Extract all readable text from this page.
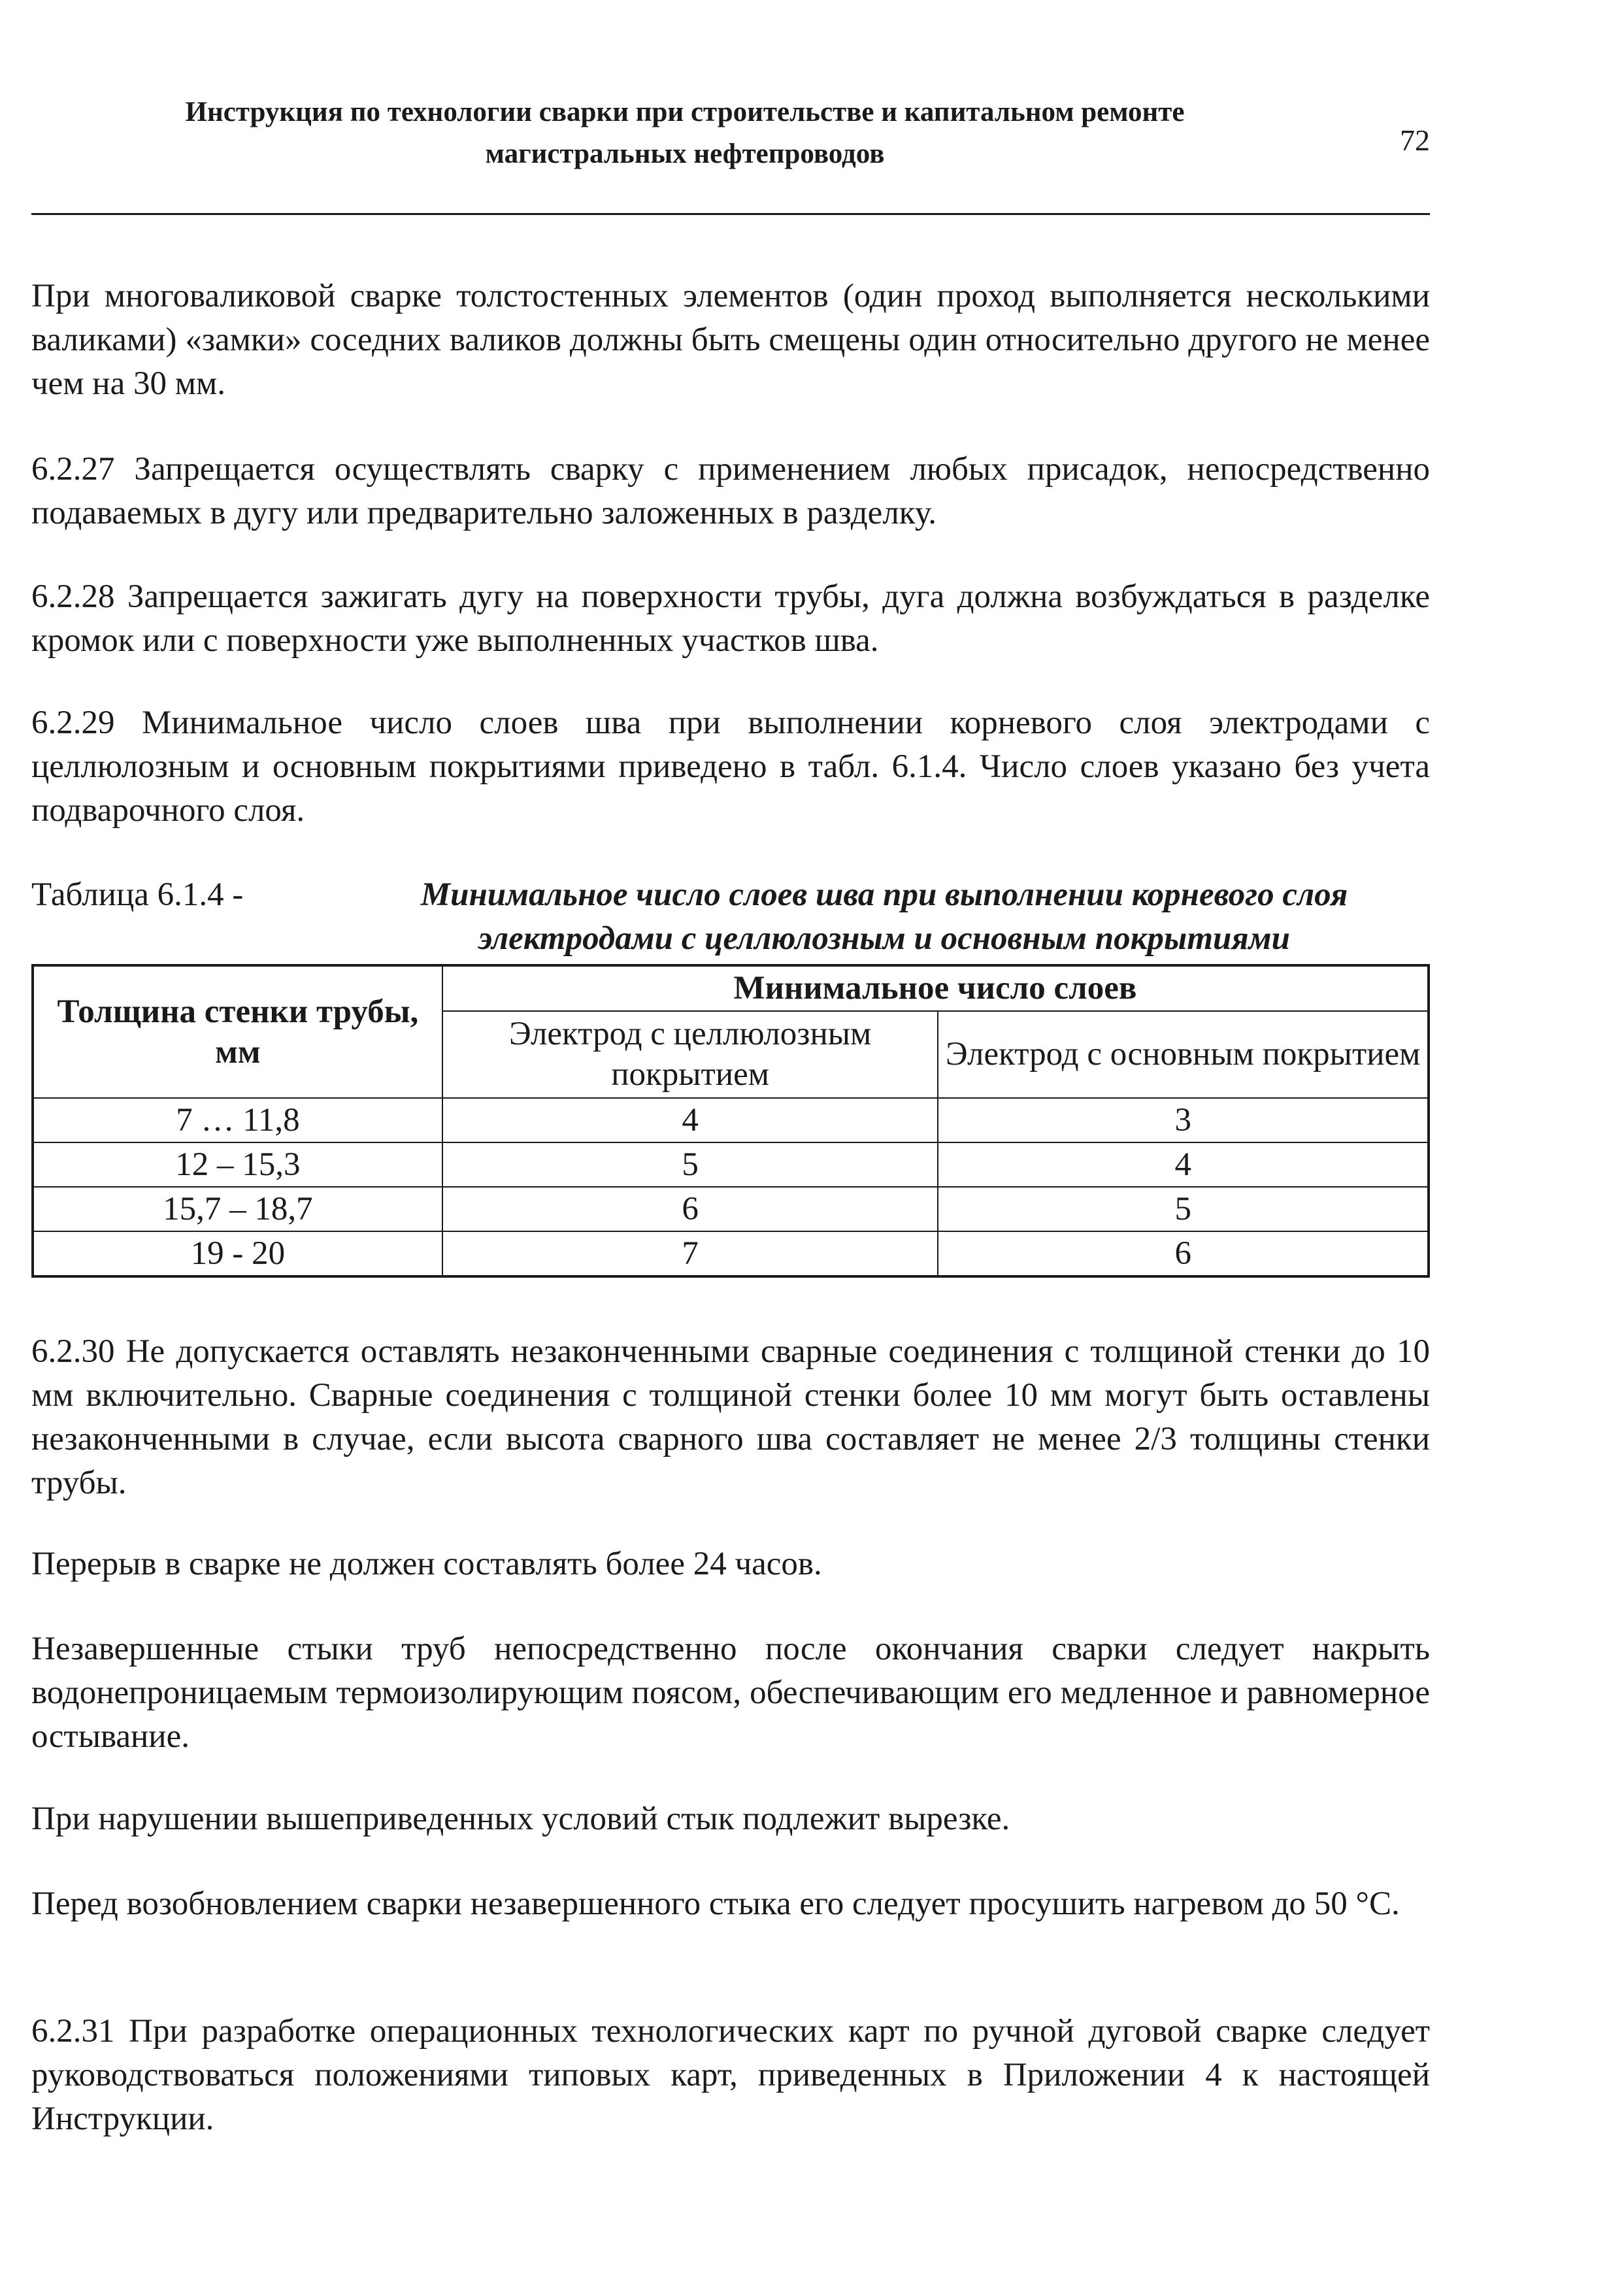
Инструкция по технологии сварки при строительстве и капитальном ремонте
магистральных нефтепроводов	72

При многоваликовой сварке толстостенных элементов (один проход выполняется несколькими валиками) «замки» соседних валиков должны быть смещены один относительно другого не менее чем на 30 мм.

6.2.27 Запрещается осуществлять сварку с применением любых присадок, непосредственно подаваемых в дугу или предварительно заложенных в разделку.

6.2.28 Запрещается зажигать дугу на поверхности трубы, дуга должна возбуждаться в разделке кромок или с поверхности уже выполненных участков шва.

6.2.29 Минимальное число слоев шва при выполнении корневого слоя электродами с целлюлозным и основным покрытиями приведено в табл. 6.1.4. Число слоев указано без учета подварочного слоя.

Таблица 6.1.4 -	Минимальное число слоев шва при выполнении корневого слоя электродами с целлюлозным и основным покрытиями
Толщина стенки трубы, мм	Минимальное число слоев	
	Электрод с целлюлозным покрытием	Электрод с основным покрытием
7 … 11,8	4	3
12 – 15,3	5	4
15,7 – 18,7	6	5
19 - 20	7	6

6.2.30 Не допускается оставлять незаконченными сварные соединения с толщиной стенки до 10 мм включительно. Сварные соединения с толщиной стенки более 10 мм могут быть оставлены незаконченными в случае, если высота сварного шва составляет не менее 2/3 толщины стенки трубы.

Перерыв в сварке не должен составлять более 24 часов.

Незавершенные стыки труб непосредственно после окончания сварки следует накрыть водонепроницаемым термоизолирующим поясом, обеспечивающим его медленное и равномерное остывание.

При нарушении вышеприведенных условий стык подлежит вырезке.

Перед возобновлением сварки незавершенного стыка его следует просушить нагревом до 50 °С.

6.2.31 При разработке операционных технологических карт по ручной дуговой сварке следует руководствоваться положениями типовых карт, приведенных в Приложении 4 к настоящей Инструкции.
